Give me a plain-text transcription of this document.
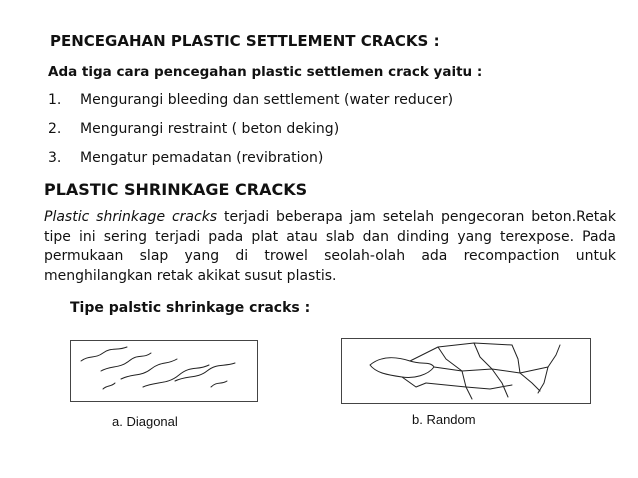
PENCEGAHAN PLASTIC SETTLEMENT CRACKS :
Ada tiga cara pencegahan plastic settlemen crack yaitu :
1. Mengurangi bleeding dan settlement (water reducer)
2. Mengurangi restraint ( beton deking)
3. Mengatur pemadatan (revibration)
PLASTIC SHRINKAGE CRACKS

Plastic shrinkage cracks terjadi beberapa jam setelah pengecoran beton.Retak tipe ini sering terjadi pada plat atau slab dan dinding yang terexpose. Pada permukaan slap yang di trowel seolah-olah ada recompaction untuk menghilangkan retak akikat susut plastis.

Tipe palstic shrinkage cracks :
a. Diagonal	b. Random
